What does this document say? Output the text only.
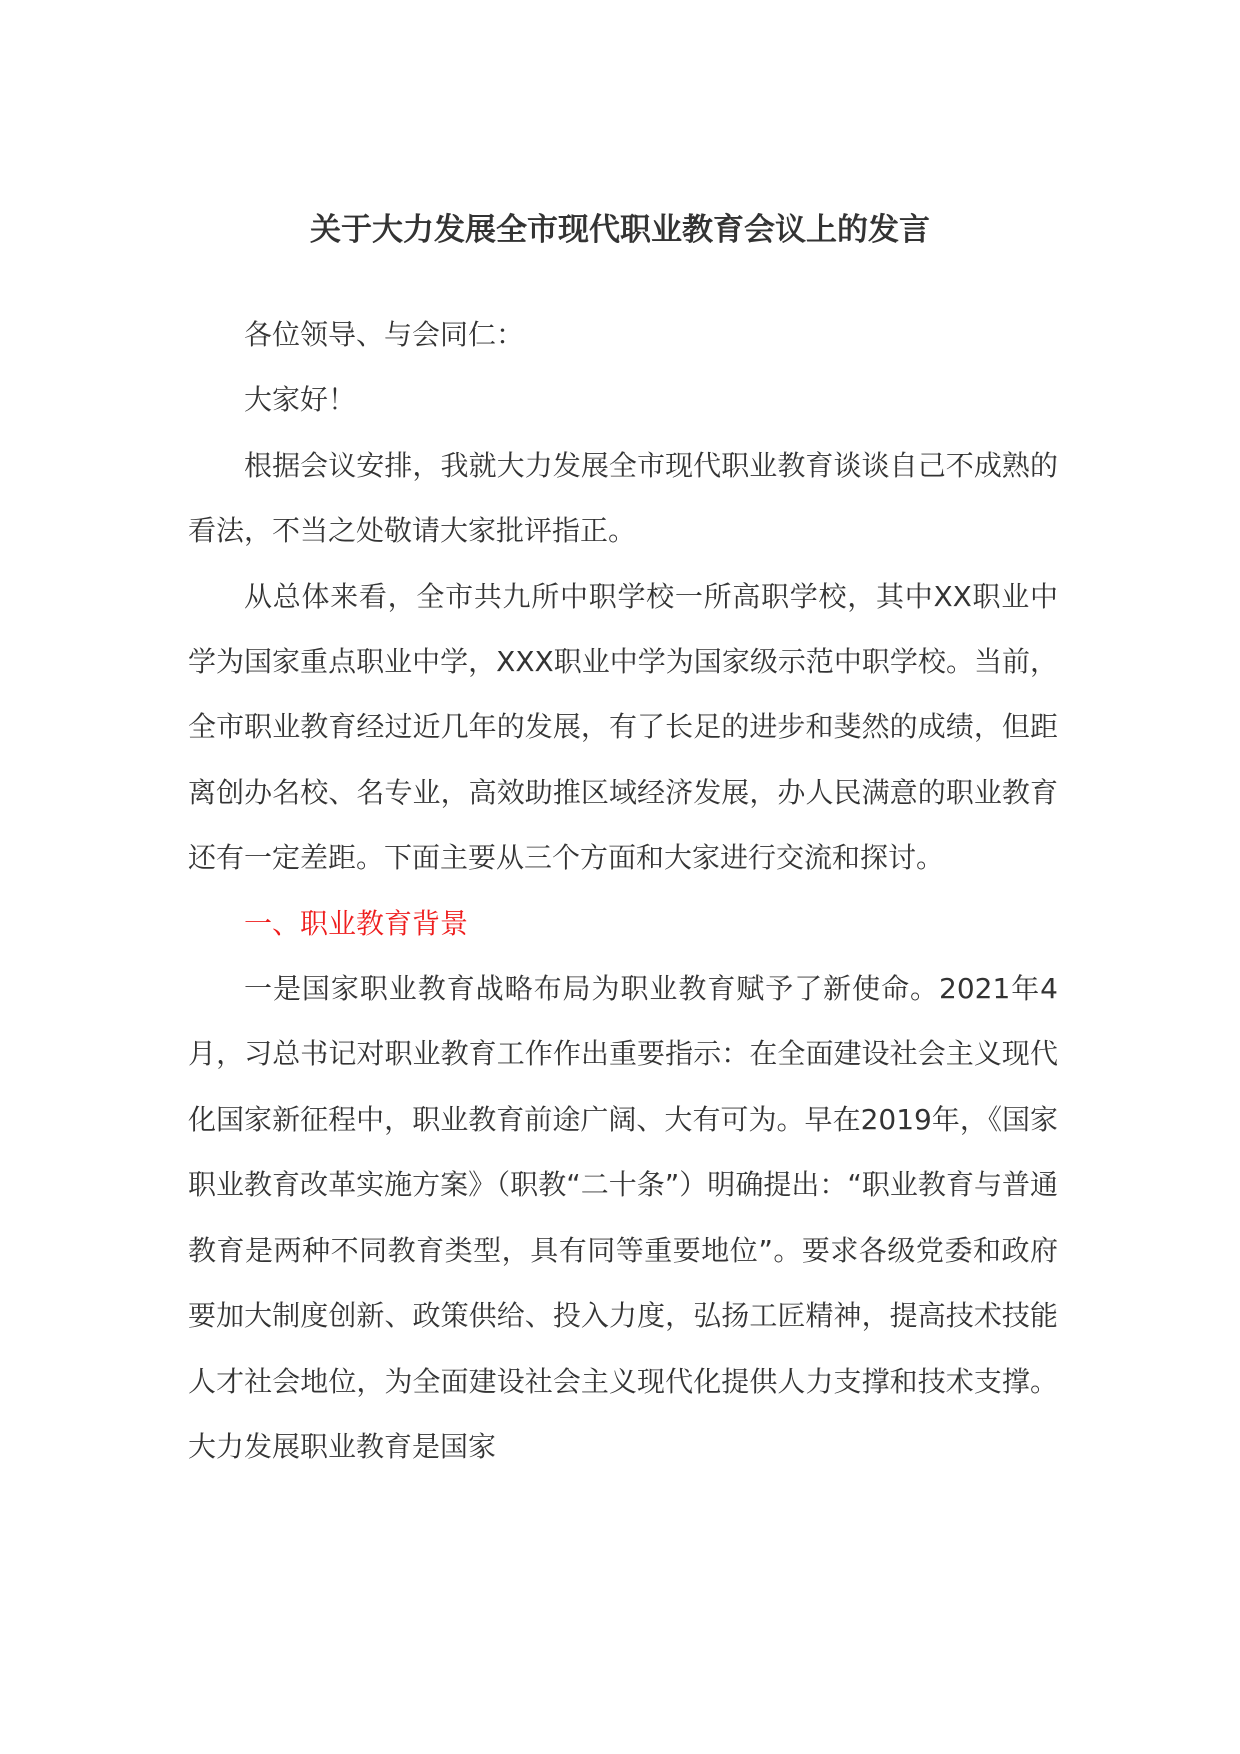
关于大力发展全市现代职业教育会议上的发言

各位领导、与会同仁：

大家好！

根据会议安排，我就大力发展全市现代职业教育谈谈自己不成熟的看法，不当之处敬请大家批评指正。

从总体来看，全市共九所中职学校一所高职学校，其中XX职业中学为国家重点职业中学，XXX职业中学为国家级示范中职学校。当前，全市职业教育经过近几年的发展，有了长足的进步和斐然的成绩，但距离创办名校、名专业，高效助推区域经济发展，办人民满意的职业教育还有一定差距。下面主要从三个方面和大家进行交流和探讨。

一、职业教育背景

一是国家职业教育战略布局为职业教育赋予了新使命。2021年4月，习总书记对职业教育工作作出重要指示：在全面建设社会主义现代化国家新征程中，职业教育前途广阔、大有可为。早在2019年，《国家职业教育改革实施方案》（职教“二十条”）明确提出：“职业教育与普通教育是两种不同教育类型，具有同等重要地位”。要求各级党委和政府要加大制度创新、政策供给、投入力度，弘扬工匠精神，提高技术技能人才社会地位，为全面建设社会主义现代化提供人力支撑和技术支撑。大力发展职业教育是国家
